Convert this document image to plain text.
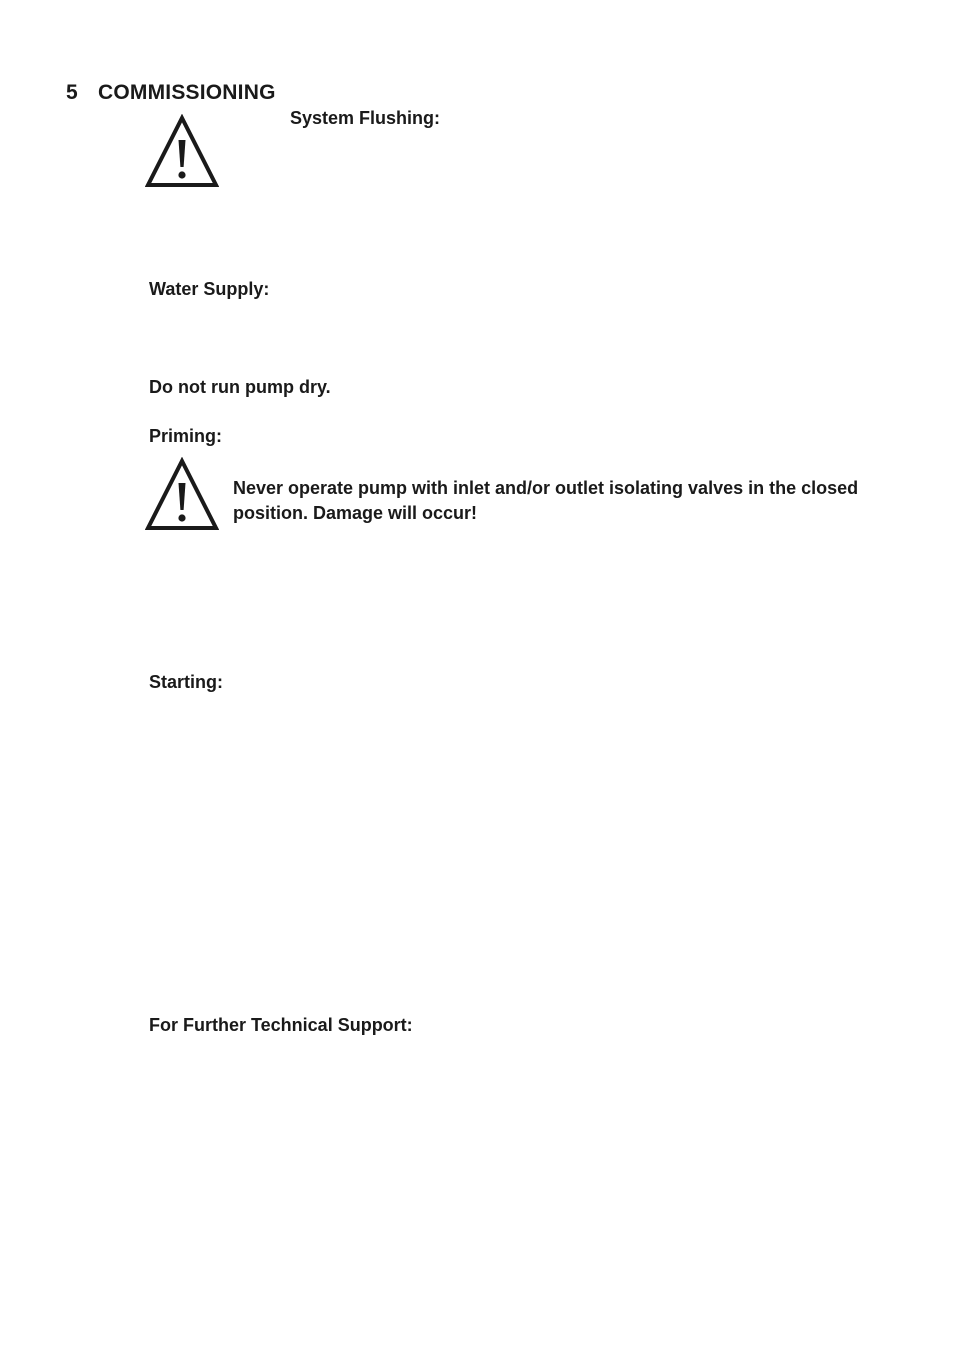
5 COMMISSIONING
System Flushing:
Water Supply:
Do not run pump dry.
Priming:
Never operate pump with inlet and/or outlet isolating valves in the closed position. Damage will occur!
Starting:
For Further Technical Support:
